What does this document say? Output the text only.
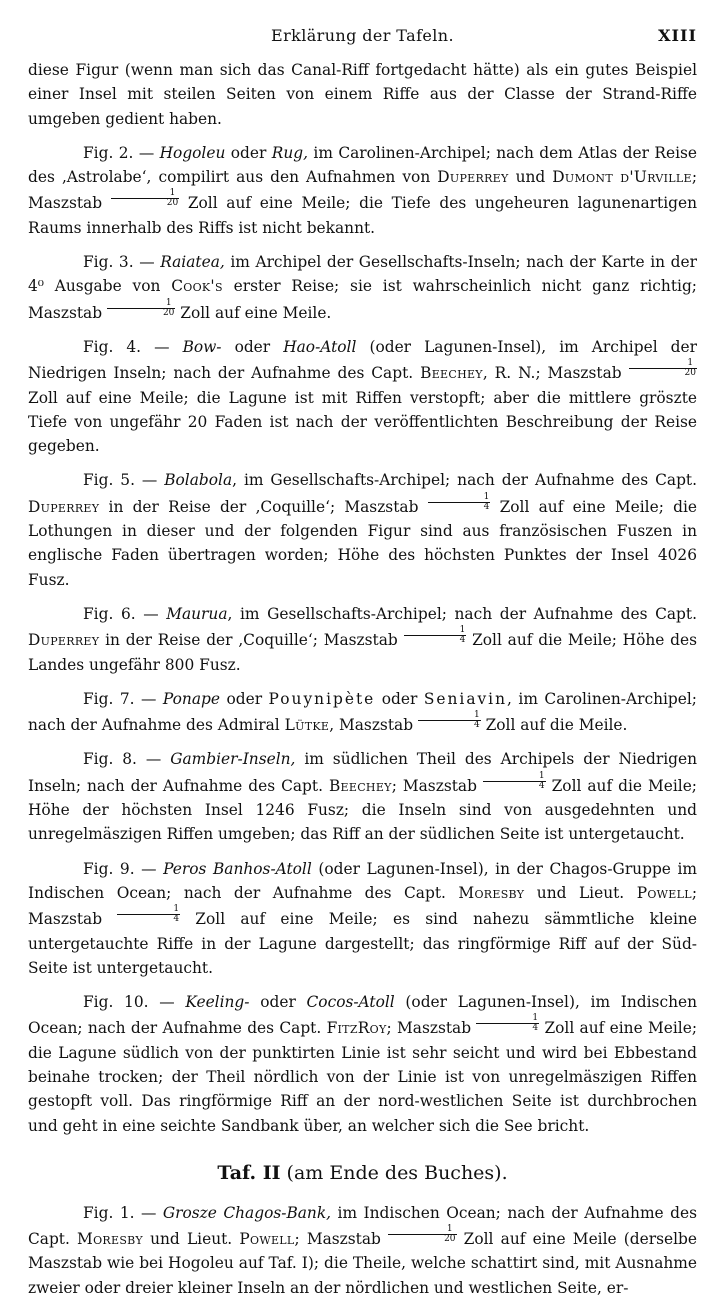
Erklärung der Tafeln.	XIII

diese Figur (wenn man sich das Canal-Riff fortgedacht hätte) als ein gutes Beispiel einer Insel mit steilen Seiten von einem Riffe aus der Classe der Strand-Riffe umgeben gedient haben.

Fig. 2. — Hogoleu oder Rug, im Carolinen-Archipel; nach dem Atlas der Reise des ‚Astrolabe‘, compilirt aus den Aufnahmen von Duperrey und Dumont d'Urville; Maszstab $\frac{1}{20}$ Zoll auf eine Meile; die Tiefe des ungeheuren lagunenartigen Raums innerhalb des Riffs ist nicht bekannt.

Fig. 3. — Raiatea, im Archipel der Gesellschafts-Inseln; nach der Karte in der 4⁰ Ausgabe von Cook's erster Reise; sie ist wahrscheinlich nicht ganz richtig; Maszstab $\frac{1}{20}$ Zoll auf eine Meile.

Fig. 4. — Bow- oder Hao-Atoll (oder Lagunen-Insel), im Archipel der Niedrigen Inseln; nach der Aufnahme des Capt. Beechey, R. N.; Maszstab $\frac{1}{20}$
Zoll auf eine Meile; die Lagune ist mit Riffen verstopft; aber die mittlere gröszte Tiefe von ungefähr 20 Faden ist nach der veröffentlichten Beschreibung der Reise gegeben.

Fig. 5. — Bolabola, im Gesellschafts-Archipel; nach der Aufnahme des Capt. Duperrey in der Reise der ‚Coquille‘; Maszstab $\frac{1}{4}$ Zoll auf eine Meile; die Lothungen in dieser und der folgenden Figur sind aus französischen Fuszen in englische Faden übertragen worden; Höhe des höchsten Punktes der Insel 4026 Fusz.

Fig. 6. — Maurua, im Gesellschafts-Archipel; nach der Aufnahme des Capt. Duperrey in der Reise der ‚Coquille‘; Maszstab $\frac{1}{4}$ Zoll auf die Meile; Höhe des Landes ungefähr 800 Fusz.

Fig. 7. — Ponape oder Pouynipète oder Seniavin, im Carolinen-Archipel; nach der Aufnahme des Admiral Lütke, Maszstab $\frac{1}{4}$ Zoll auf die Meile.

Fig. 8. — Gambier-Inseln, im südlichen Theil des Archipels der Niedrigen Inseln; nach der Aufnahme des Capt. Beechey; Maszstab $\frac{1}{4}$ Zoll auf die Meile; Höhe der höchsten Insel 1246 Fusz; die Inseln sind von ausgedehnten und unregelmäszigen Riffen umgeben; das Riff an der südlichen Seite ist untergetaucht.

Fig. 9. — Peros Banhos-Atoll (oder Lagunen-Insel), in der Chagos-Gruppe im Indischen Ocean; nach der Aufnahme des Capt. Moresby und Lieut. Powell; Maszstab $\frac{1}{4}$ Zoll auf eine Meile; es sind nahezu sämmtliche kleine untergetauchte Riffe in der Lagune dargestellt; das ringförmige Riff auf der Süd-Seite ist untergetaucht.

Fig. 10. — Keeling- oder Cocos-Atoll (oder Lagunen-Insel), im Indischen Ocean; nach der Aufnahme des Capt. FitzRoy; Maszstab $\frac{1}{4}$ Zoll auf eine Meile; die Lagune südlich von der punktirten Linie ist sehr seicht und wird bei Ebbestand beinahe trocken; der Theil nördlich von der Linie ist von unregelmäszigen Riffen gestopft voll. Das ringförmige Riff an der nord-westlichen Seite ist durchbrochen und geht in eine seichte Sandbank über, an welcher sich die See bricht.

Taf. II (am Ende des Buches).

Fig. 1. — Grosze Chagos-Bank, im Indischen Ocean; nach der Aufnahme des Capt. Moresby und Lieut. Powell; Maszstab $\frac{1}{20}$ Zoll auf eine Meile (derselbe Maszstab wie bei Hogoleu auf Taf. I); die Theile, welche schattirt sind, mit Ausnahme zweier oder dreier kleiner Inseln an der nördlichen und westlichen Seite, er-
